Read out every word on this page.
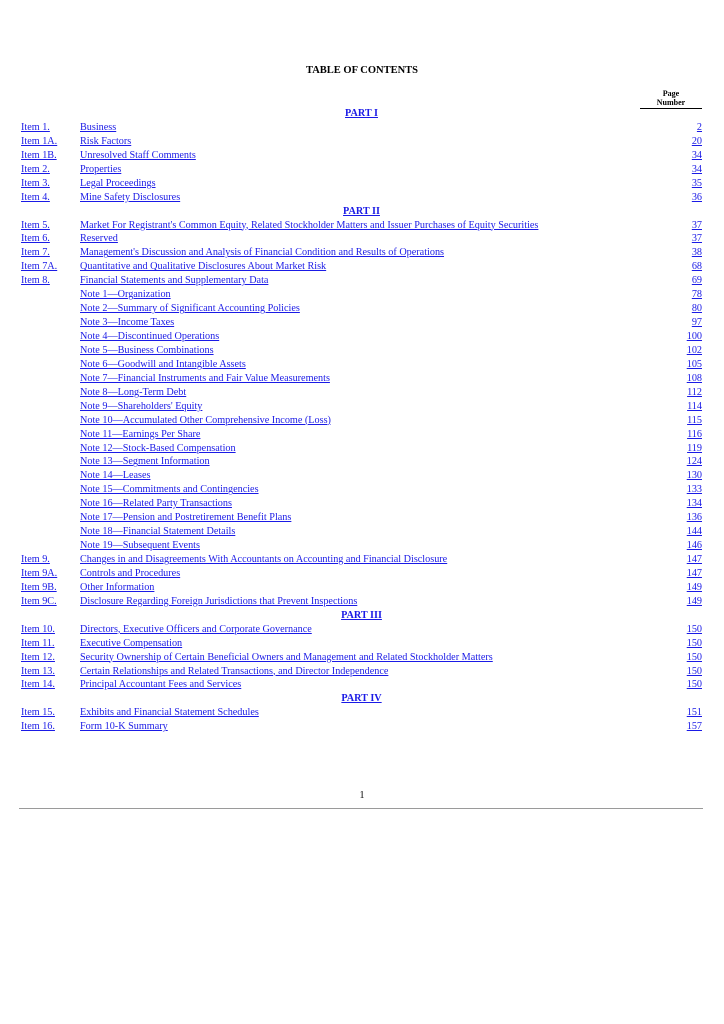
TABLE OF CONTENTS
Page
Number
PART I
Item 1.	Business	2
Item 1A. Risk Factors	20
Item 1B. Unresolved Staff Comments	34
Item 2.	Properties	34
Item 3.	Legal Proceedings	35
Item 4.	Mine Safety Disclosures	36
PART II
Item 5.	Market For Registrant's Common Equity, Related Stockholder Matters and Issuer Purchases of Equity Securities	37
Item 6.	Reserved	37
Item 7.	Management's Discussion and Analysis of Financial Condition and Results of Operations	38
Item 7A. Quantitative and Qualitative Disclosures About Market Risk	68
Item 8.	Financial Statements and Supplementary Data	69
Note 1—Organization	78
Note 2—Summary of Significant Accounting Policies	80
Note 3—Income Taxes	97
Note 4—Discontinued Operations	100
Note 5—Business Combinations	102
Note 6—Goodwill and Intangible Assets	105
Note 7—Financial Instruments and Fair Value Measurements	108
Note 8—Long-Term Debt	112
Note 9—Shareholders' Equity	114
Note 10—Accumulated Other Comprehensive Income (Loss)	115
Note 11—Earnings Per Share	116
Note 12—Stock-Based Compensation	119
Note 13—Segment Information	124
Note 14—Leases	130
Note 15—Commitments and Contingencies	133
Note 16—Related Party Transactions	134
Note 17—Pension and Postretirement Benefit Plans	136
Note 18—Financial Statement Details	144
Note 19—Subsequent Events	146
Item 9.	Changes in and Disagreements With Accountants on Accounting and Financial Disclosure	147
Item 9A. Controls and Procedures	147
Item 9B. Other Information	149
Item 9C. Disclosure Regarding Foreign Jurisdictions that Prevent Inspections	149
PART III
Item 10. Directors, Executive Officers and Corporate Governance	150
Item 11. Executive Compensation	150
Item 12. Security Ownership of Certain Beneficial Owners and Management and Related Stockholder Matters	150
Item 13. Certain Relationships and Related Transactions, and Director Independence	150
Item 14. Principal Accountant Fees and Services	150
PART IV
Item 15. Exhibits and Financial Statement Schedules	151
Item 16. Form 10-K Summary	157
1
